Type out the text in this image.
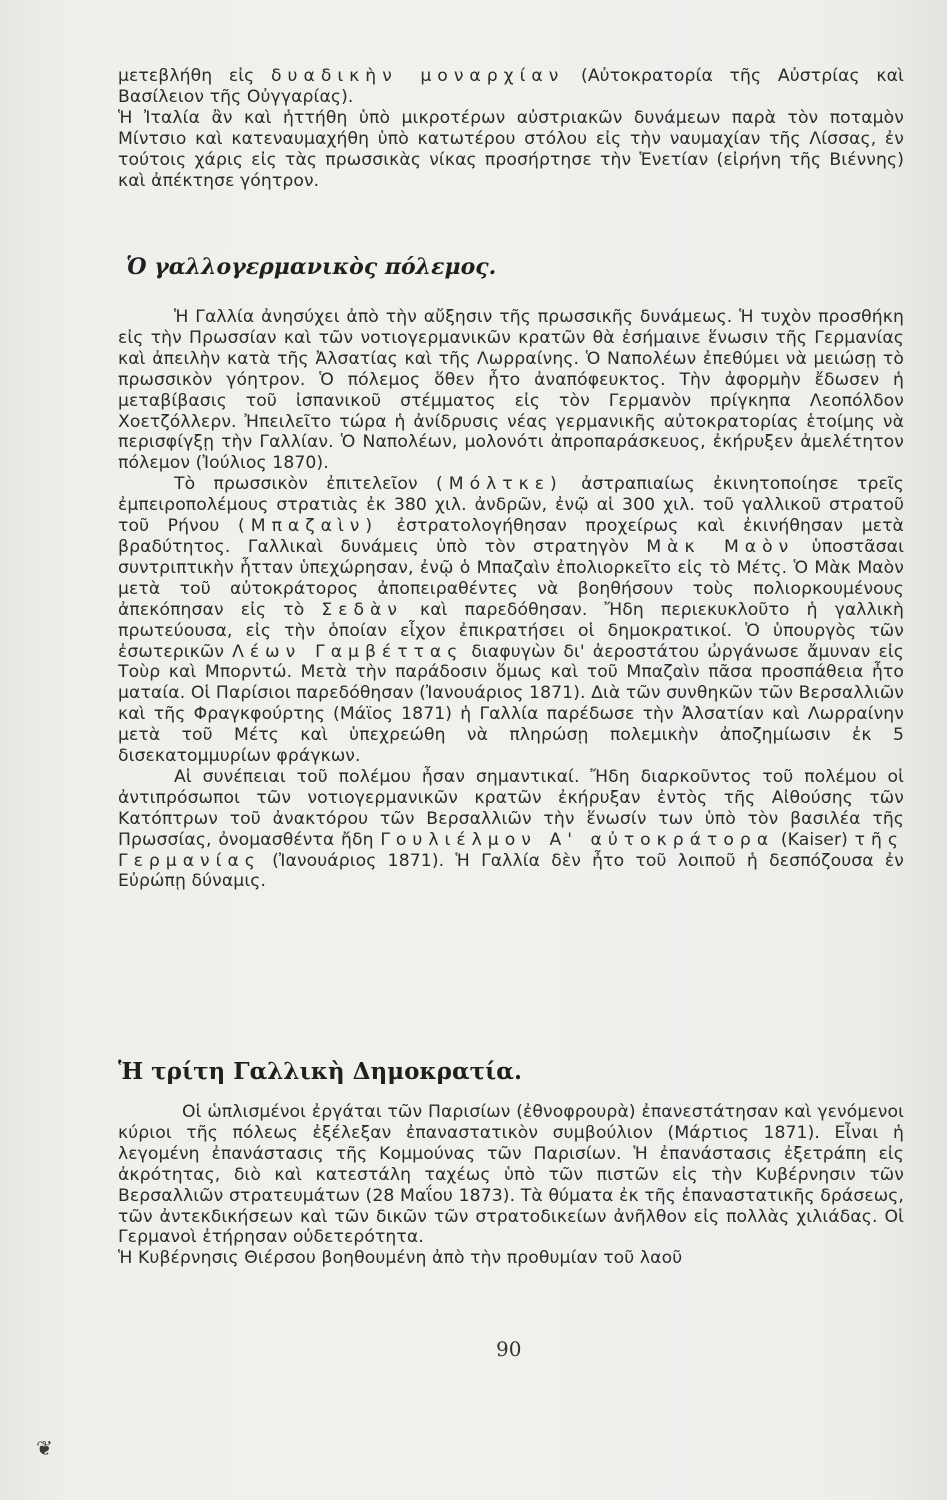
μετεβλήθη εἰς δυαδικὴν μοναρχίαν (Αὐτοκρατορία τῆς Αὐστρίας καὶ Βασίλειον τῆς Οὐγγαρίας).

Ἡ Ἰταλία ἂν καὶ ἡττήθη ὑπὸ μικροτέρων αὐστριακῶν δυνάμεων παρὰ τὸν ποταμὸν Μίντσιο καὶ κατεναυμαχήθη ὑπὸ κατωτέρου στόλου εἰς τὴν ναυμαχίαν τῆς Λίσσας, ἐν τούτοις χάρις εἰς τὰς πρωσσικὰς νίκας προσήρτησε τὴν Ἑνετίαν (εἰρήνη τῆς Βιέννης) καὶ ἀπέκτησε γόητρον.

Ὁ γαλλογερμανικὸς πόλεμος.

Ἡ Γαλλία ἀνησύχει ἀπὸ τὴν αὔξησιν τῆς πρωσσικῆς δυνάμεως. Ἡ τυχὸν προσθήκη εἰς τὴν Πρωσσίαν καὶ τῶν νοτιογερμανικῶν κρατῶν θὰ ἐσήμαινε ἕνωσιν τῆς Γερμανίας καὶ ἀπειλὴν κατὰ τῆς Ἀλσατίας καὶ τῆς Λωρραίνης. Ὁ Ναπολέων ἐπεθύμει νὰ μειώσῃ τὸ πρωσσικὸν γόητρον. Ὁ πόλεμος ὅθεν ἦτο ἀναπόφευκτος. Τὴν ἀφορμὴν ἔδωσεν ἡ μεταβίβασις τοῦ ἰσπανικοῦ στέμματος εἰς τὸν Γερμανὸν πρίγκηπα Λεοπόλδον Χοετζόλλερν. Ἠπειλεῖτο τώρα ἡ ἀνίδρυσις νέας γερμανικῆς αὐτοκρατορίας ἑτοίμης νὰ περισφίγξῃ τὴν Γαλλίαν. Ὁ Ναπολέων, μολονότι ἀπροπαράσκευος, ἐκήρυξεν ἀμελέτητον πόλεμον (Ἰούλιος 1870).

Τὸ πρωσσικὸν ἐπιτελεῖον (Μόλτκε) ἀστραπιαίως ἐκινητοποίησε τρεῖς ἐμπειροπολέμους στρατιὰς ἐκ 380 χιλ. ἀνδρῶν, ἐνῷ αἱ 300 χιλ. τοῦ γαλλικοῦ στρατοῦ τοῦ Ρήνου (Μπαζαὶν) ἐστρατολογήθησαν προχείρως καὶ ἐκινήθησαν μετὰ βραδύτητος. Γαλλικαὶ δυνάμεις ὑπὸ τὸν στρατηγὸν Μὰκ Μαὸν ὑποστᾶσαι συντριπτικὴν ἧτταν ὑπεχώρησαν, ἐνῷ ὁ Μπαζαὶν ἐπολιορκεῖτο εἰς τὸ Μέτς. Ὁ Μὰκ Μαὸν μετὰ τοῦ αὐτοκράτορος ἀποπειραθέντες νὰ βοηθήσουν τοὺς πολιορκουμένους ἀπεκόπησαν εἰς τὸ Σεδὰν καὶ παρεδόθησαν. Ἤδη περιεκυκλοῦτο ἡ γαλλικὴ πρωτεύουσα, εἰς τὴν ὁποίαν εἶχον ἐπικρατήσει οἱ δημοκρατικοί. Ὁ ὑπουργὸς τῶν ἐσωτερικῶν Λέων Γαμβέττας διαφυγὼν δι' ἀεροστάτου ὠργάνωσε ἄμυναν εἰς Τοὺρ καὶ Μπορντώ. Μετὰ τὴν παράδοσιν ὅμως καὶ τοῦ Μπαζαὶν πᾶσα προσπάθεια ἦτο ματαία. Οἱ Παρίσιοι παρεδόθησαν (Ἰανουάριος 1871). Διὰ τῶν συνθηκῶν τῶν Βερσαλλιῶν καὶ τῆς Φραγκφούρτης (Μάϊος 1871) ἡ Γαλλία παρέδωσε τὴν Ἀλσατίαν καὶ Λωρραίνην μετὰ τοῦ Μέτς καὶ ὑπεχρεώθη νὰ πληρώσῃ πολεμικὴν ἀποζημίωσιν ἐκ 5 δισεκατομμυρίων φράγκων.

Αἱ συνέπειαι τοῦ πολέμου ἦσαν σημαντικαί. Ἤδη διαρκοῦντος τοῦ πολέμου οἱ ἀντιπρόσωποι τῶν νοτιογερμανικῶν κρατῶν ἐκήρυξαν ἐντὸς τῆς Αἰθούσης τῶν Κατόπτρων τοῦ ἀνακτόρου τῶν Βερσαλλιῶν τὴν ἕνωσίν των ὑπὸ τὸν βασιλέα τῆς Πρωσσίας, ὀνομασθέντα ἤδη Γουλιέλμον Α' αὐτοκράτορα (Kaiser) τῆς Γερμανίας (Ἰανουάριος 1871). Ἡ Γαλλία δὲν ἦτο τοῦ λοιποῦ ἡ δεσπόζουσα ἐν Εὐρώπῃ δύναμις.

Ἡ τρίτη Γαλλικὴ Δημοκρατία.

Οἱ ὡπλισμένοι ἐργάται τῶν Παρισίων (ἐθνοφρουρὰ) ἐπανεστάτησαν καὶ γενόμενοι κύριοι τῆς πόλεως ἐξέλεξαν ἐπαναστατικὸν συμβούλιον (Μάρτιος 1871). Εἶναι ἡ λεγομένη ἐπανάστασις τῆς Κομμούνας τῶν Παρισίων. Ἡ ἐπανάστασις ἐξετράπη εἰς ἀκρότητας, διὸ καὶ κατεστάλη ταχέως ὑπὸ τῶν πιστῶν εἰς τὴν Κυβέρνησιν τῶν Βερσαλλιῶν στρατευμάτων (28 Μαΐου 1873). Τὰ θύματα ἐκ τῆς ἐπαναστατικῆς δράσεως, τῶν ἀντεκδικήσεων καὶ τῶν δικῶν τῶν στρατοδικείων ἀνῆλθον εἰς πολλὰς χιλιάδας. Οἱ Γερμανοὶ ἐτήρησαν οὐδετερότητα.

Ἡ Κυβέρνησις Θιέρσου βοηθουμένη ἀπὸ τὴν προθυμίαν τοῦ λαοῦ

90
❦
